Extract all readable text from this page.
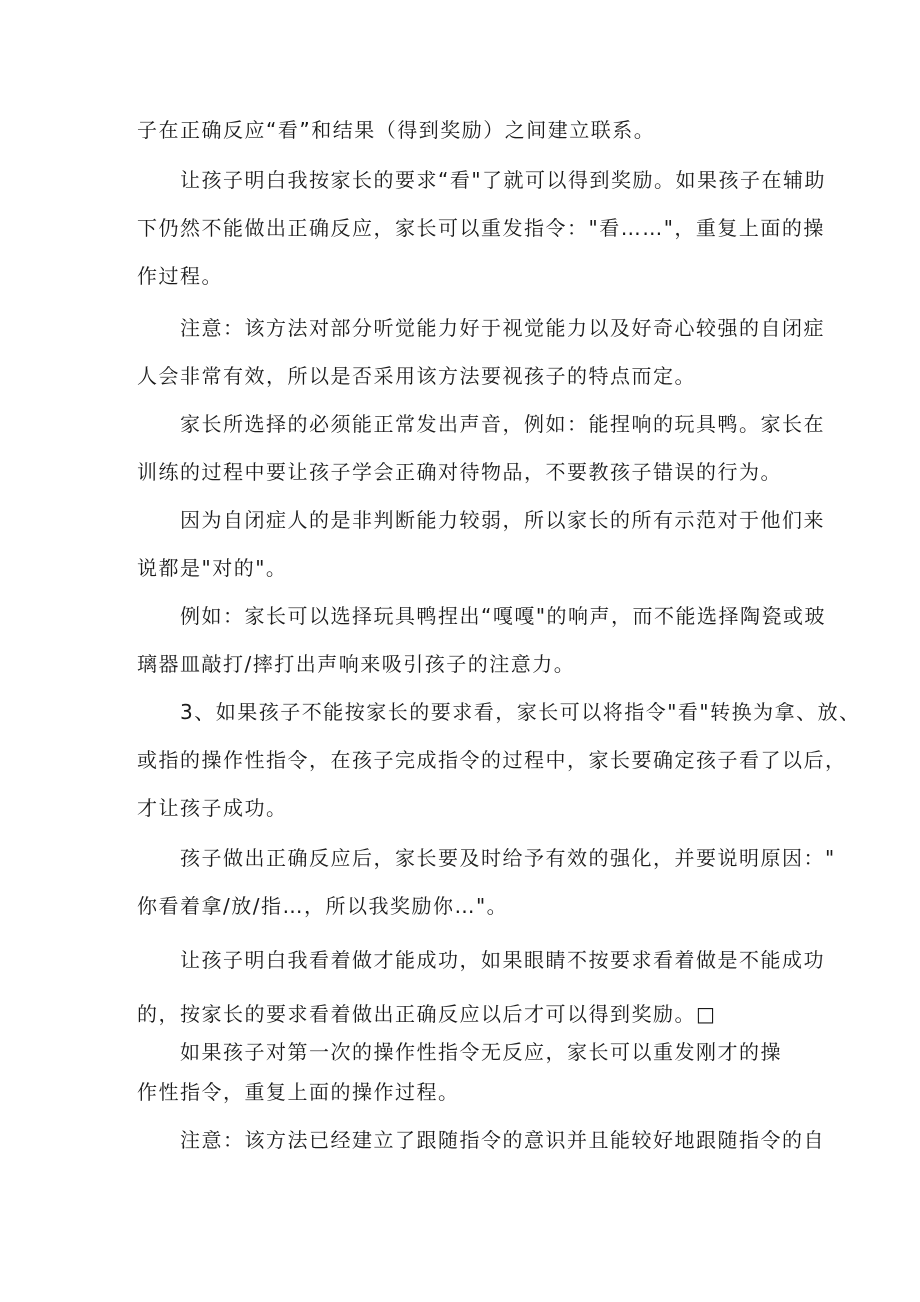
子在正确反应“看”和结果（得到奖励）之间建立联系。

让孩子明白我按家长的要求“看"了就可以得到奖励。如果孩子在辅助

下仍然不能做出正确反应，家长可以重发指令："看……"，重复上面的操

作过程。

注意：该方法对部分听觉能力好于视觉能力以及好奇心较强的自闭症

人会非常有效，所以是否采用该方法要视孩子的特点而定。

家长所选择的必须能正常发出声音，例如：能捏响的玩具鸭。家长在

训练的过程中要让孩子学会正确对待物品，不要教孩子错误的行为。

因为自闭症人的是非判断能力较弱，所以家长的所有示范对于他们来

说都是"对的"。

例如：家长可以选择玩具鸭捏出“嘎嘎"的响声，而不能选择陶瓷或玻

璃器皿敲打/摔打出声响来吸引孩子的注意力。

3、如果孩子不能按家长的要求看，家长可以将指令"看"转换为拿、放、

或指的操作性指令，在孩子完成指令的过程中，家长要确定孩子看了以后，

才让孩子成功。

孩子做出正确反应后，家长要及时给予有效的强化，并要说明原因："

你看着拿/放/指…，所以我奖励你…"。

让孩子明白我看着做才能成功，如果眼睛不按要求看着做是不能成功

的，按家长的要求看着做出正确反应以后才可以得到奖励。□

如果孩子对第一次的操作性指令无反应，家长可以重发刚才的操

作性指令，重复上面的操作过程。

注意：该方法已经建立了跟随指令的意识并且能较好地跟随指令的自
